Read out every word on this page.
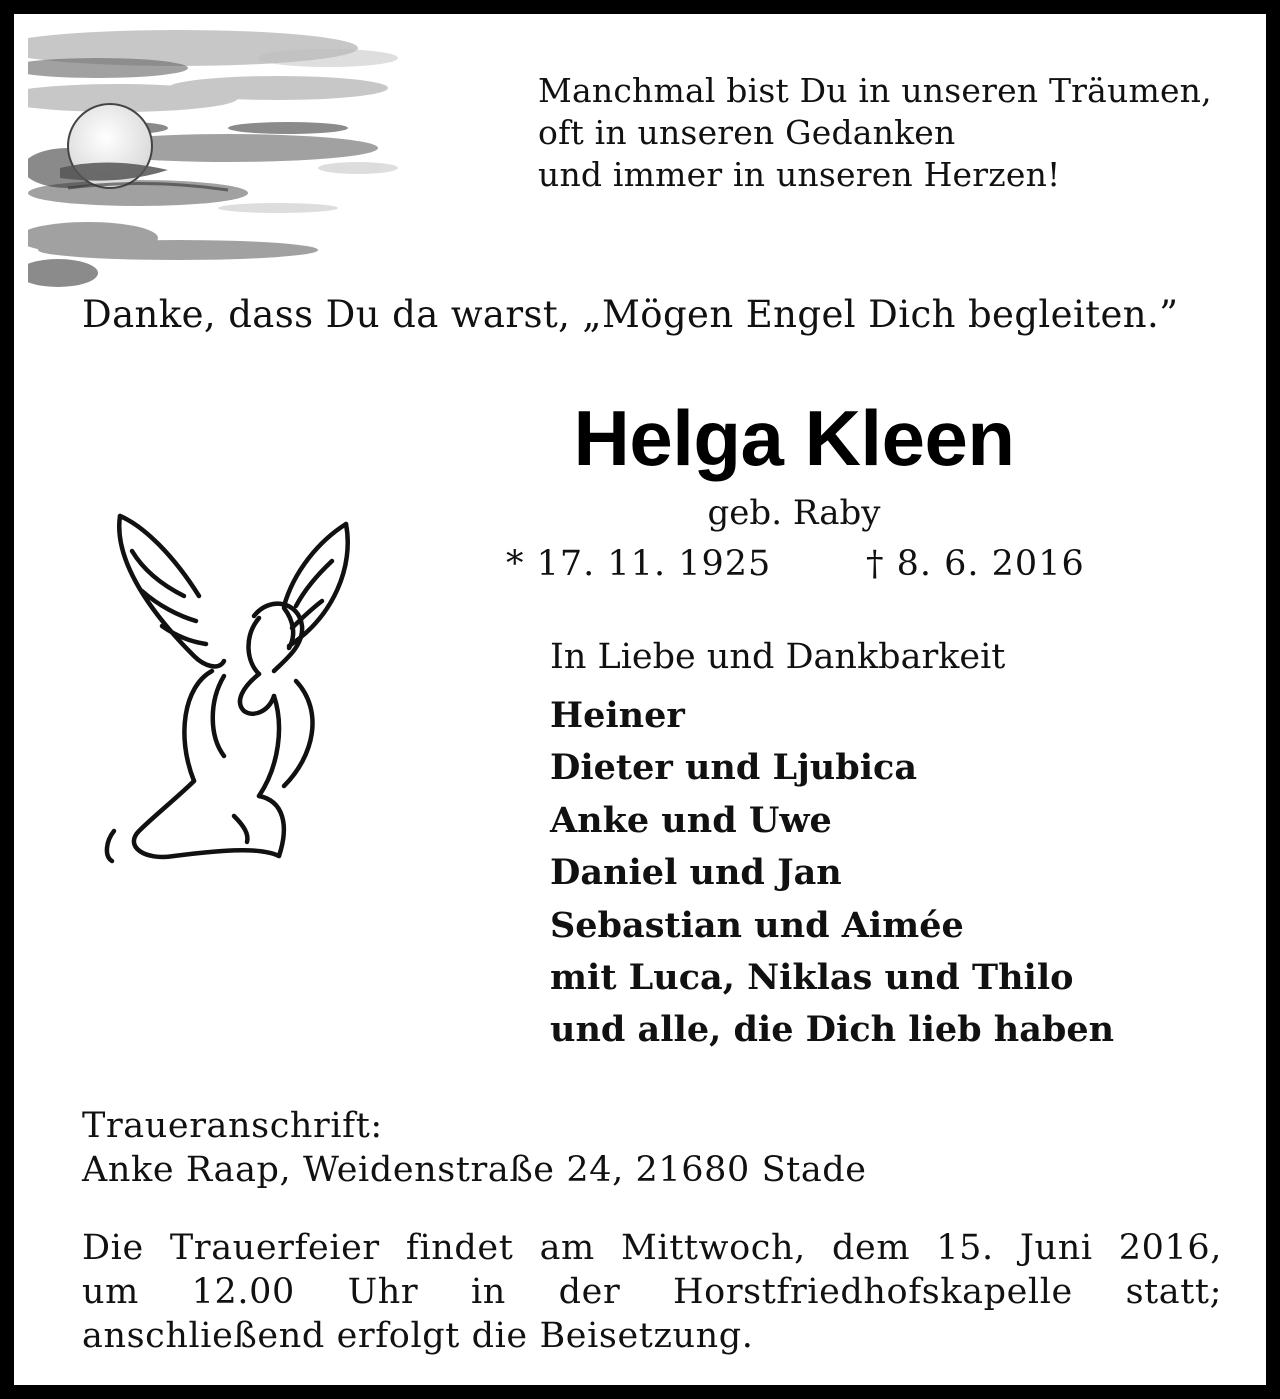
Manchmal bist Du in unseren Träumen,
oft in unseren Gedanken
und immer in unseren Herzen!
Danke, dass Du da warst, „Mögen Engel Dich begleiten.”
Helga Kleen
geb. Raby
* 17. 11. 1925	† 8. 6. 2016
In Liebe und Dankbarkeit
Heiner
Dieter und Ljubica
Anke und Uwe
Daniel und Jan
Sebastian und Aimée
mit Luca, Niklas und Thilo
und alle, die Dich lieb haben
Traueranschrift:
Anke Raap, Weidenstraße 24, 21680 Stade
Die Trauerfeier findet am Mittwoch, dem 15. Juni 2016,
um 12.00 Uhr in der Horstfriedhofskapelle statt;
anschließend erfolgt die Beisetzung.
